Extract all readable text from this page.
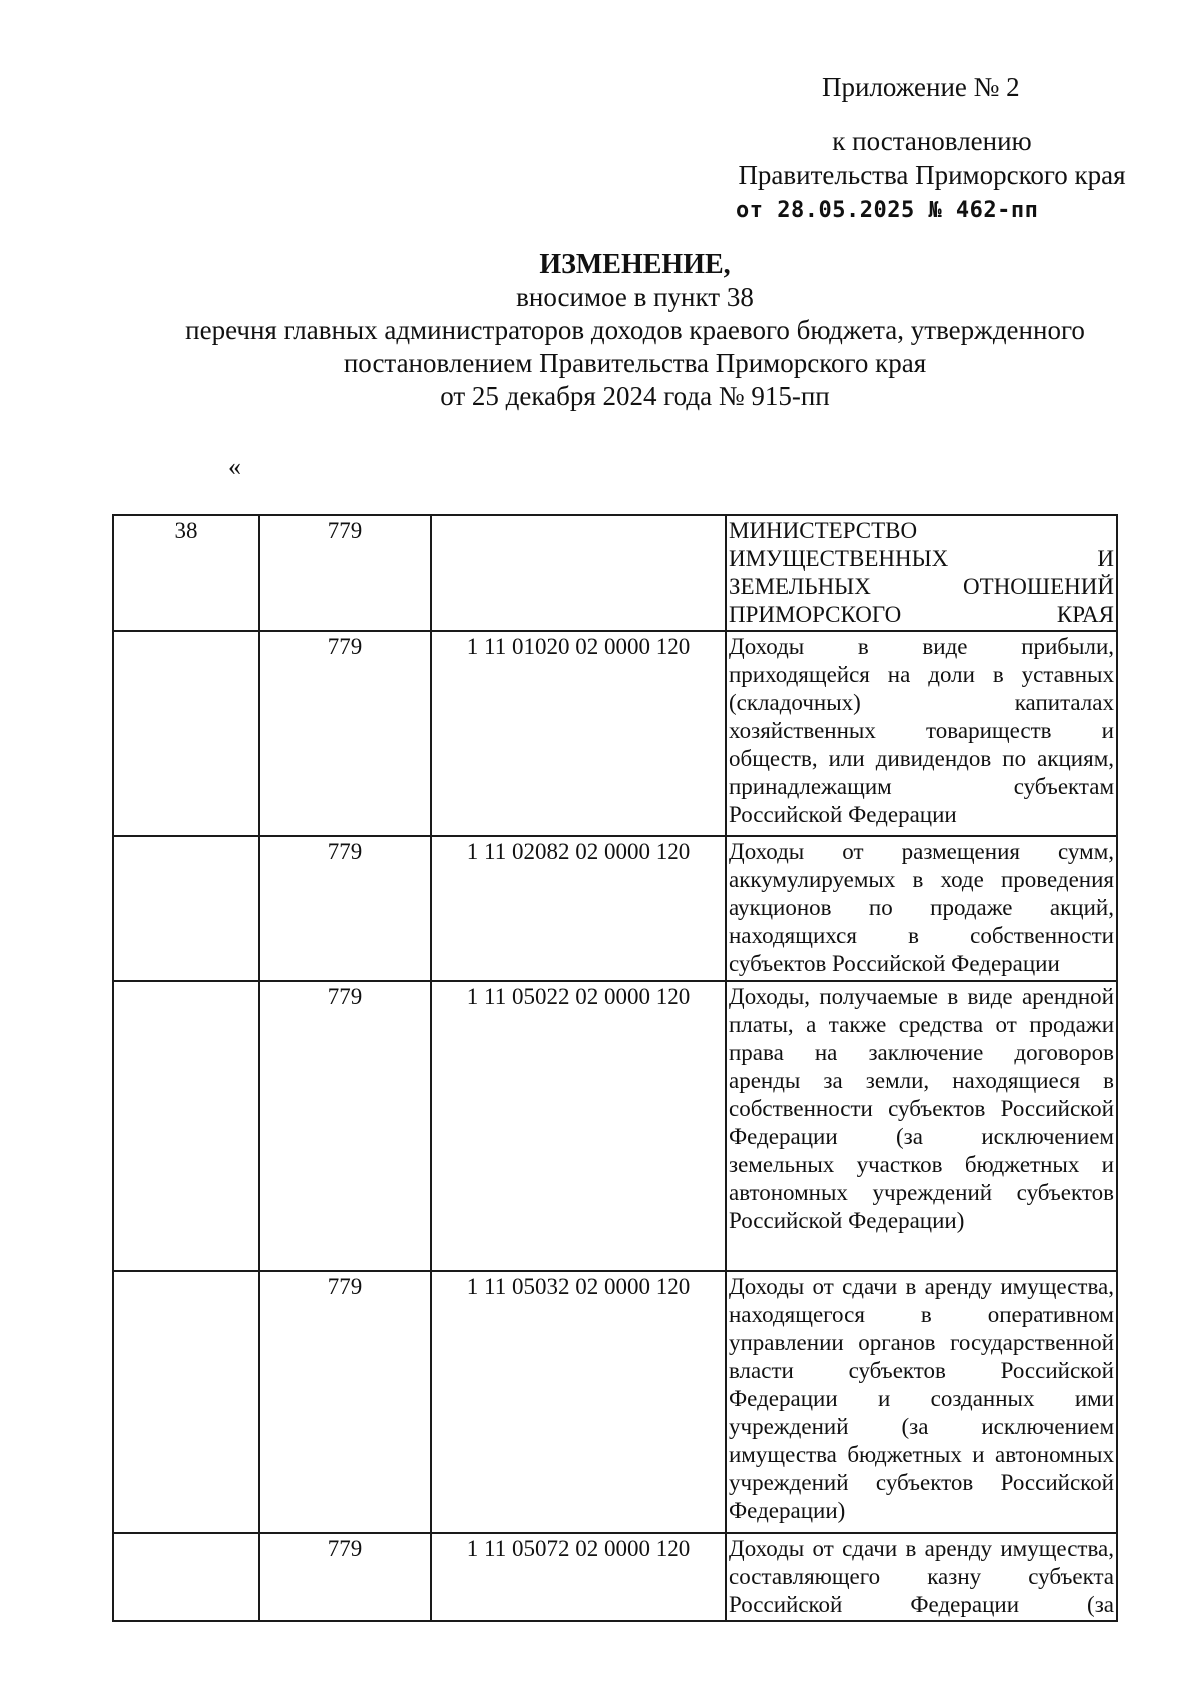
Приложение № 2
к постановлению
Правительства Приморского края
от 28.05.2025 № 462-пп
ИЗМЕНЕНИЕ,
вносимое в пункт 38
перечня главных администраторов доходов краевого бюджета, утвержденного
постановлением Правительства Приморского края
от 25 декабря 2024 года № 915-пп
«
38	779		МИНИСТЕРСТВО ИМУЩЕСТВЕННЫХ И ЗЕМЕЛЬНЫХ ОТНОШЕНИЙ ПРИМОРСКОГО КРАЯ
	779	1 11 01020 02 0000 120	Доходы в виде прибыли, приходящейся на доли в уставных (складочных) капиталах хозяйственных товариществ и обществ, или дивидендов по акциям, принадлежащим субъектам Российской Федерации
	779	1 11 02082 02 0000 120	Доходы от размещения сумм, аккумулируемых в ходе проведения аукционов по продаже акций, находящихся в собственности субъектов Российской Федерации
	779	1 11 05022 02 0000 120	Доходы, получаемые в виде арендной платы, а также средства от продажи права на заключение договоров аренды за земли, находящиеся в собственности субъектов Российской Федерации (за исключением земельных участков бюджетных и автономных учреждений субъектов Российской Федерации)
	779	1 11 05032 02 0000 120	Доходы от сдачи в аренду имущества, находящегося в оперативном управлении органов государственной власти субъектов Российской Федерации и созданных ими учреждений (за исключением имущества бюджетных и автономных учреждений субъектов Российской Федерации)
	779	1 11 05072 02 0000 120	Доходы от сдачи в аренду имущества, составляющего казну субъекта Российской Федерации (за
